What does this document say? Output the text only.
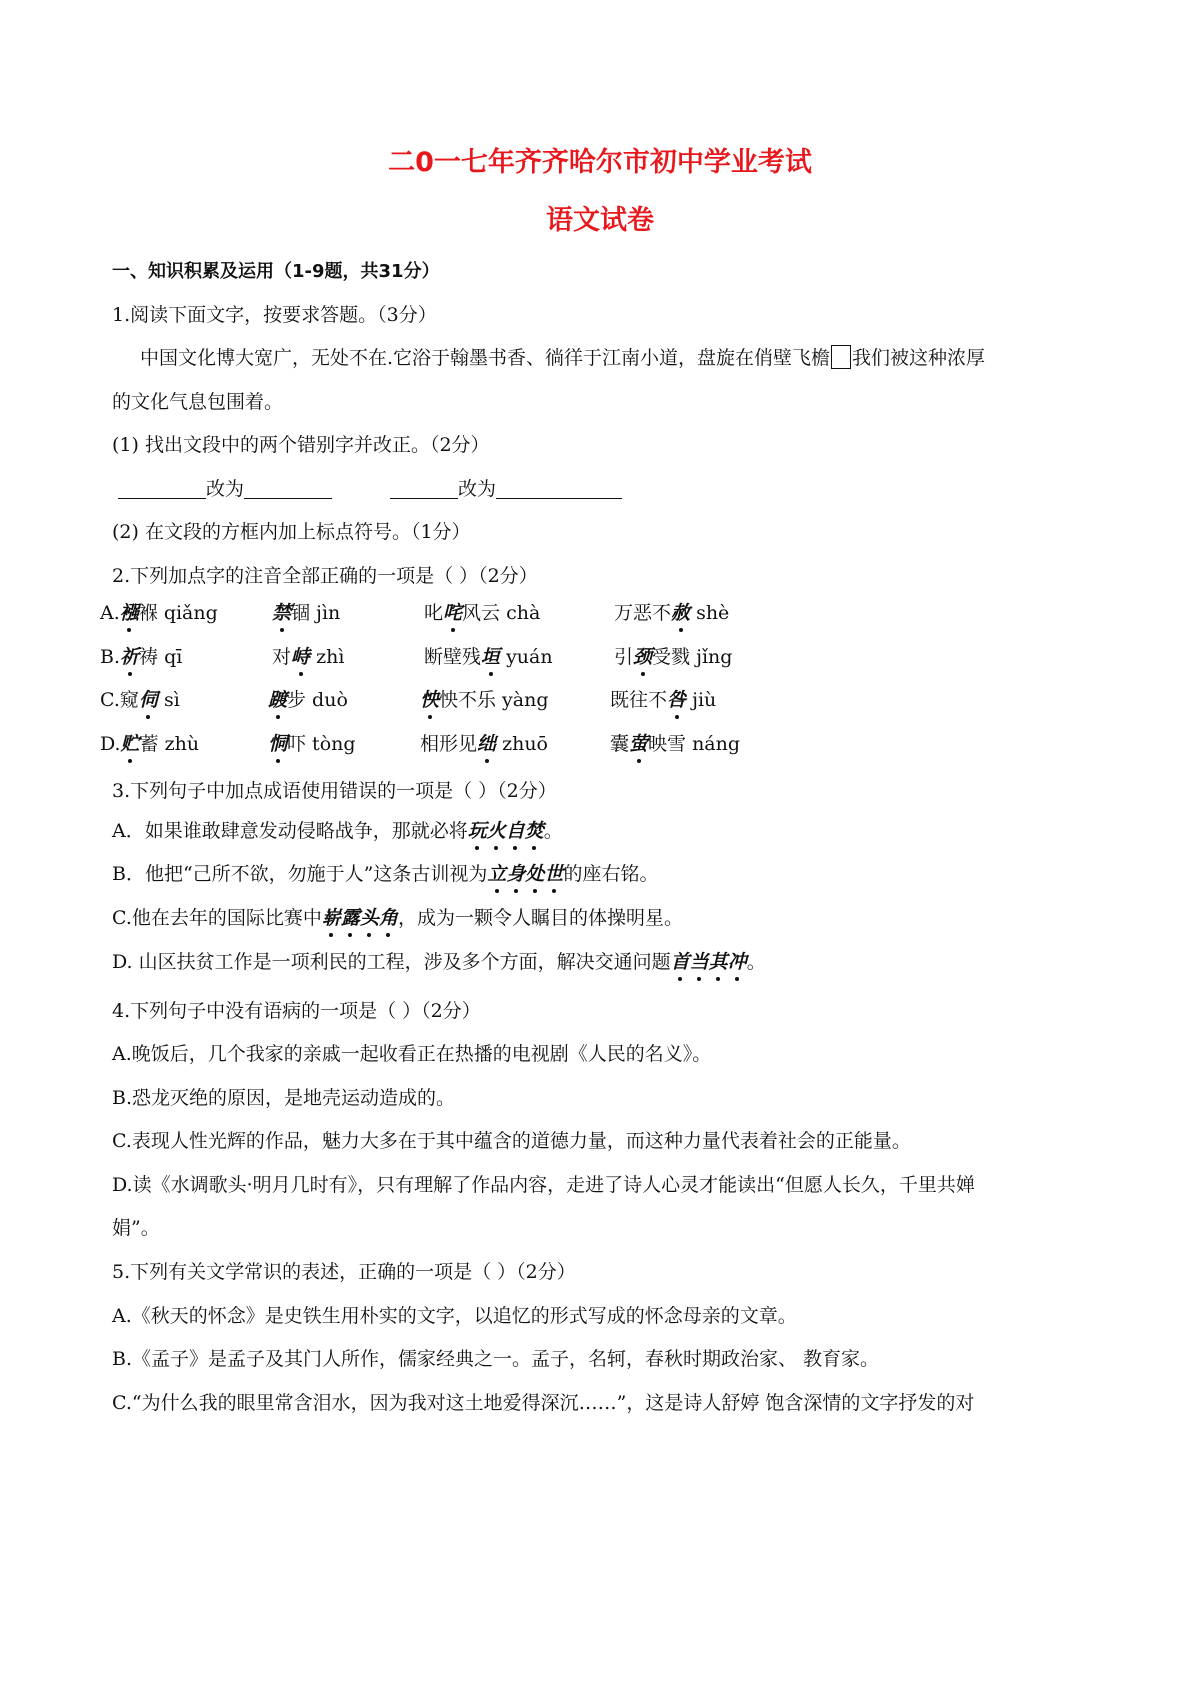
二0一七年齐齐哈尔市初中学业考试
语文试卷
一、知识积累及运用（1-9题，共31分）
1.阅读下面文字，按要求答题。（3分）
中国文化博大宽广，无处不在.它浴于翰墨书香、徜徉于江南小道，盘旋在俏壁飞檐 我们被这种浓厚
的文化气息包围着。
(1) 找出文段中的两个错别字并改正。（2分）
改为	改为
(2) 在文段的方框内加上标点符号。（1分）
2.下列加点字的注音全部正确的一项是（ ）（2分）
A.襁褓 qiǎng	禁锢 jìn	叱咤风云 chà	万恶不赦 shè
B.祈祷 qī	对峙 zhì	断壁残垣 yuán	引颈受戮 jǐng
C.窥伺 sì	踱步 duò	怏怏不乐 yàng	既往不咎 jiù
D.贮蓄 zhù	恫吓 tòng	相形见绌 zhuō	囊萤映雪 náng
3.下列句子中加点成语使用错误的一项是（ ）（2分）
A．如果谁敢肆意发动侵略战争，那就必将玩火自焚。
B．他把“己所不欲，勿施于人”这条古训视为立身处世的座右铭。
C.他在去年的国际比赛中崭露头角，成为一颗令人瞩目的体操明星。
D. 山区扶贫工作是一项利民的工程，涉及多个方面，解决交通问题首当其冲。
4.下列句子中没有语病的一项是（ ）（2分）
A.晚饭后，几个我家的亲戚一起收看正在热播的电视剧《人民的名义》。
B.恐龙灭绝的原因，是地壳运动造成的。
C.表现人性光辉的作品，魅力大多在于其中蕴含的道德力量，而这种力量代表着社会的正能量。
D.读《水调歌头·明月几时有》，只有理解了作品内容，走进了诗人心灵才能读出“但愿人长久，千里共婵
娟”。
5.下列有关文学常识的表述，正确的一项是（ ）（2分）
A.《秋天的怀念》是史铁生用朴实的文字，以追忆的形式写成的怀念母亲的文章。
B.《孟子》是孟子及其门人所作，儒家经典之一。孟子，名轲，春秋时期政治家、 教育家。
C.“为什么我的眼里常含泪水，因为我对这土地爱得深沉……”，这是诗人舒婷 饱含深情的文字抒发的对
